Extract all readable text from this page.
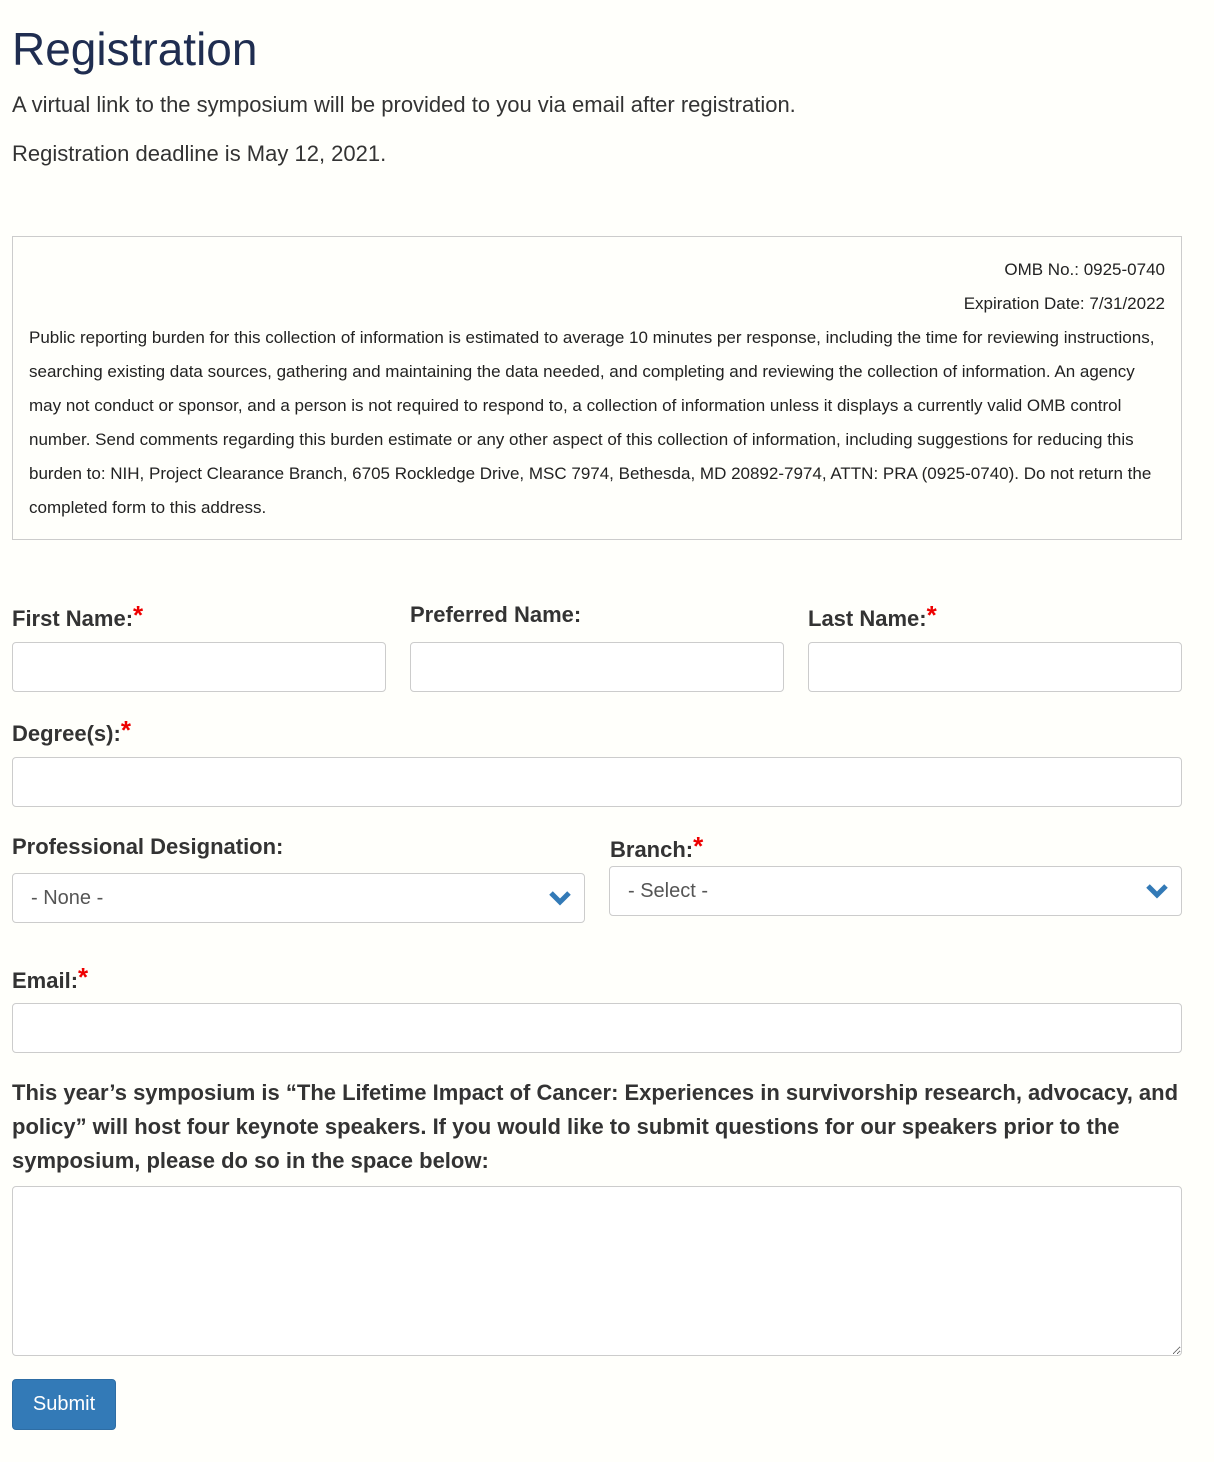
Registration

A virtual link to the symposium will be provided to you via email after registration.

Registration deadline is May 12, 2021.

OMB No.: 0925-0740
Expiration Date: 7/31/2022
Public reporting burden for this collection of information is estimated to average 10 minutes per response, including the time for reviewing instructions, searching existing data sources, gathering and maintaining the data needed, and completing and reviewing the collection of information. An agency may not conduct or sponsor, and a person is not required to respond to, a collection of information unless it displays a currently valid OMB control number. Send comments regarding this burden estimate or any other aspect of this collection of information, including suggestions for reducing this burden to: NIH, Project Clearance Branch, 6705 Rockledge Drive, MSC 7974, Bethesda, MD 20892-7974, ATTN: PRA (0925-0740). Do not return the completed form to this address.
First Name:*	Preferred Name:	Last Name:*
Degree(s):*
Professional Designation:
- None -
Branch:*
- Select -
Email:*

This year’s symposium is “The Lifetime Impact of Cancer: Experiences in survivorship research, advocacy, and policy” will host four keynote speakers. If you would like to submit questions for our speakers prior to the symposium, please do so in the space below:

Submit
